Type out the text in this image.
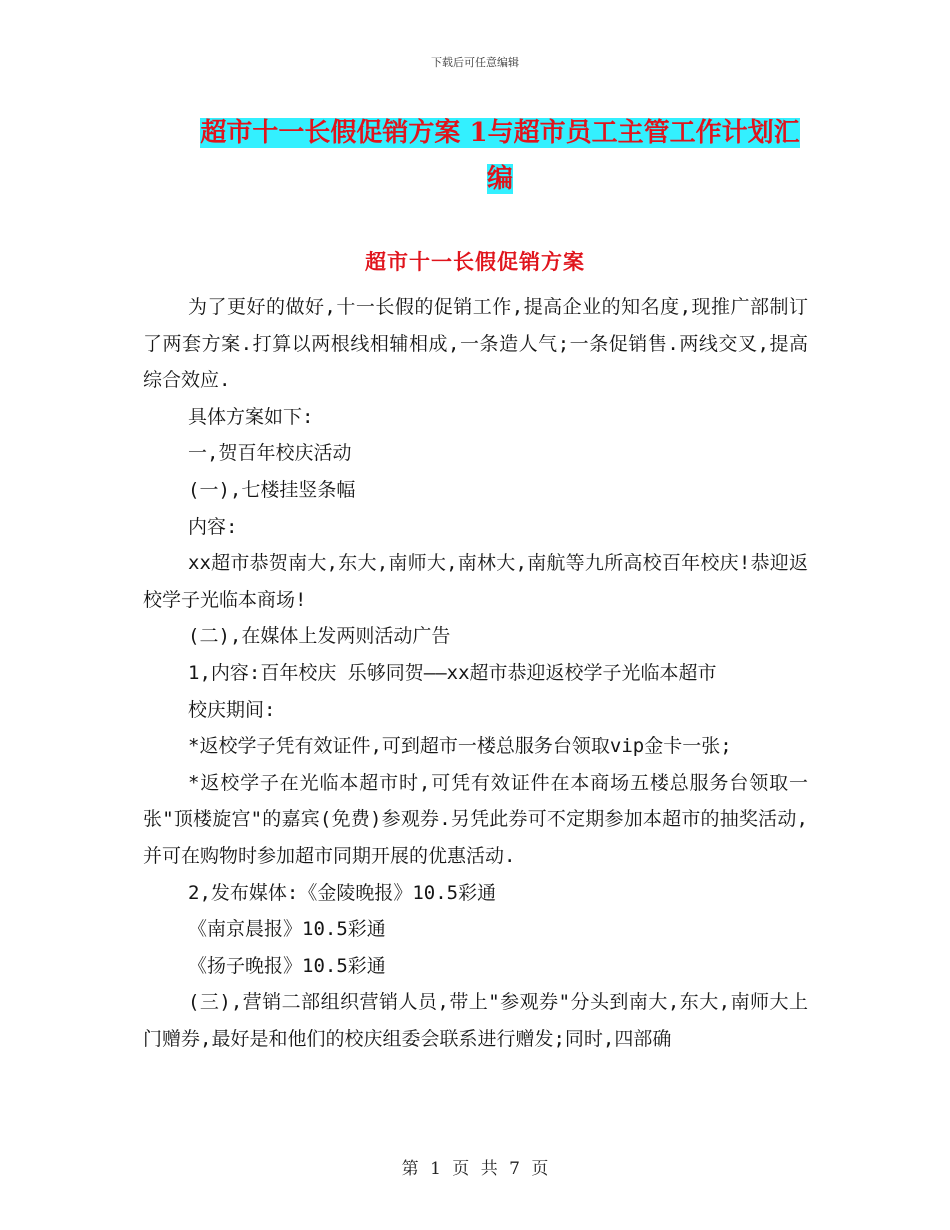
下载后可任意编辑
超市十一长假促销方案 1与超市员工主管工作计划汇
编
超市十一长假促销方案

为了更好的做好,十一长假的促销工作,提高企业的知名度,现推广部制订了两套方案.打算以两根线相辅相成,一条造人气;一条促销售.两线交叉,提高综合效应.

具体方案如下:

一,贺百年校庆活动

(一),七楼挂竖条幅

内容:

xx超市恭贺南大,东大,南师大,南林大,南航等九所高校百年校庆!恭迎返校学子光临本商场!

(二),在媒体上发两则活动广告

1,内容:百年校庆 乐够同贺——xx超市恭迎返校学子光临本超市

校庆期间:

*返校学子凭有效证件,可到超市一楼总服务台领取vip金卡一张;

*返校学子在光临本超市时,可凭有效证件在本商场五楼总服务台领取一张"顶楼旋宫"的嘉宾(免费)参观券.另凭此券可不定期参加本超市的抽奖活动,并可在购物时参加超市同期开展的优惠活动.

2,发布媒体:《金陵晚报》10.5彩通

《南京晨报》10.5彩通

《扬子晚报》10.5彩通

(三),营销二部组织营销人员,带上"参观券"分头到南大,东大,南师大上门赠券,最好是和他们的校庆组委会联系进行赠发;同时,四部确

第 1 页 共 7 页
